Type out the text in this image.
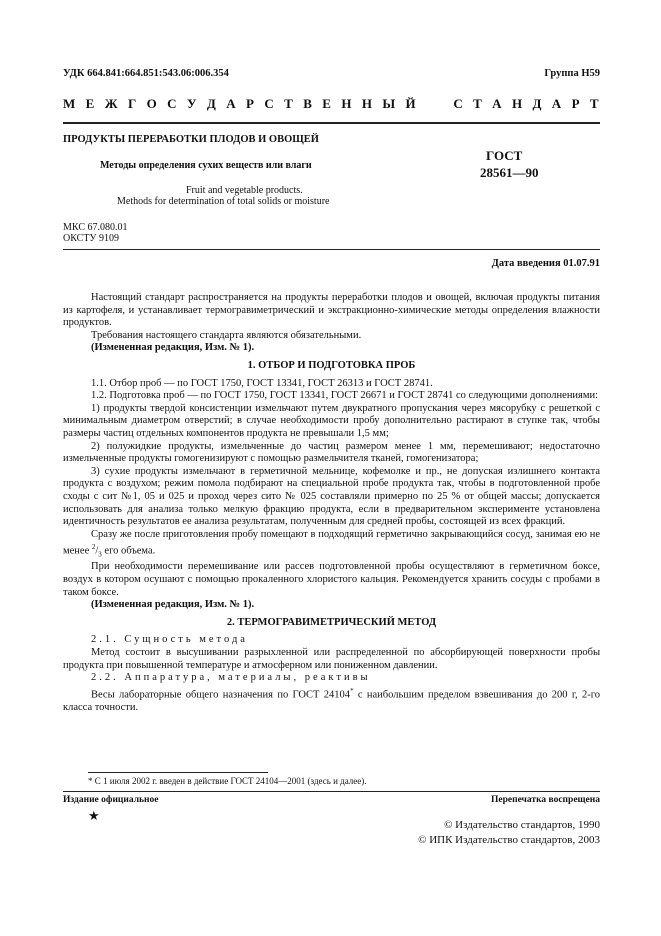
УДК 664.841:664.851:543.06:006.354	Группа Н59
М Е Ж Г О С У Д А Р С Т В Е Н Н Ы Й

	С Т А Н Д А Р Т
ПРОДУКТЫ ПЕРЕРАБОТКИ ПЛОДОВ И ОВОЩЕЙ
Методы определения сухих веществ или влаги
ГОСТ
28561—90
Fruit and vegetable products.
Methods for determination of total solids or moisture
МКС 67.080.01
ОКСТУ 9109
Дата введения 01.07.91

Настоящий стандарт распространяется на продукты переработки плодов и овощей, включая продукты питания из картофеля, и устанавливает термогравиметрический и экстракционно-химические методы определения влажности продуктов.

Требования настоящего стандарта являются обязательными.

(Измененная редакция, Изм. № 1).

1. ОТБОР И ПОДГОТОВКА ПРОБ

1.1. Отбор проб — по ГОСТ 1750, ГОСТ 13341, ГОСТ 26313 и ГОСТ 28741.

1.2. Подготовка проб — по ГОСТ 1750, ГОСТ 13341, ГОСТ 26671 и ГОСТ 28741 со следующими дополнениями:

1) продукты твердой консистенции измельчают путем двукратного пропускания через мясорубку с решеткой с минимальным диаметром отверстий; в случае необходимости пробу дополнительно растирают в ступке так, чтобы размеры частиц отдельных компонентов продукта не превышали 1,5 мм;

2) полужидкие продукты, измельченные до частиц размером менее 1 мм, перемешивают; недостаточно измельченные продукты гомогенизируют с помощью размельчителя тканей, гомогенизатора;

3) сухие продукты измельчают в герметичной мельнице, кофемолке и пр., не допуская излишнего контакта продукта с воздухом; режим помола подбирают на специальной пробе продукта так, чтобы в подготовленной пробе сходы с сит №1, 05 и 025 и проход через сито № 025 составляли примерно по 25 % от общей массы; допускается использовать для анализа только мелкую фракцию продукта, если в предварительном эксперименте установлена идентичность результатов ее анализа результатам, полученным для средней пробы, состоящей из всех фракций.

Сразу же после приготовления пробу помещают в подходящий герметично закрывающийся сосуд, занимая ею не менее $^2/_3$ его объема.

При необходимости перемешивание или рассев подготовленной пробы осуществляют в герметичном боксе, воздух в котором осушают с помощью прокаленного хлористого кальция. Рекомендуется хранить сосуды с пробами в таком боксе.

(Измененная редакция, Изм. № 1).

2. ТЕРМОГРАВИМЕТРИЧЕСКИЙ МЕТОД

2.1. Сущность метода

Метод состоит в высушивании разрыхленной или распределенной по абсорбирующей поверхности пробы продукта при повышенной температуре и атмосферном или пониженном давлении.

2.2. Аппаратура, материалы, реактивы

Весы лабораторные общего назначения по ГОСТ 24104* с наибольшим пределом взвешивания до 200 г, 2-го класса точности.

* С 1 июля 2002 г. введен в действие ГОСТ 24104—2001 (здесь и далее).
Издание официальное	Перепечатка воспрещена
★
© Издательство стандартов, 1990
© ИПК Издательство стандартов, 2003
